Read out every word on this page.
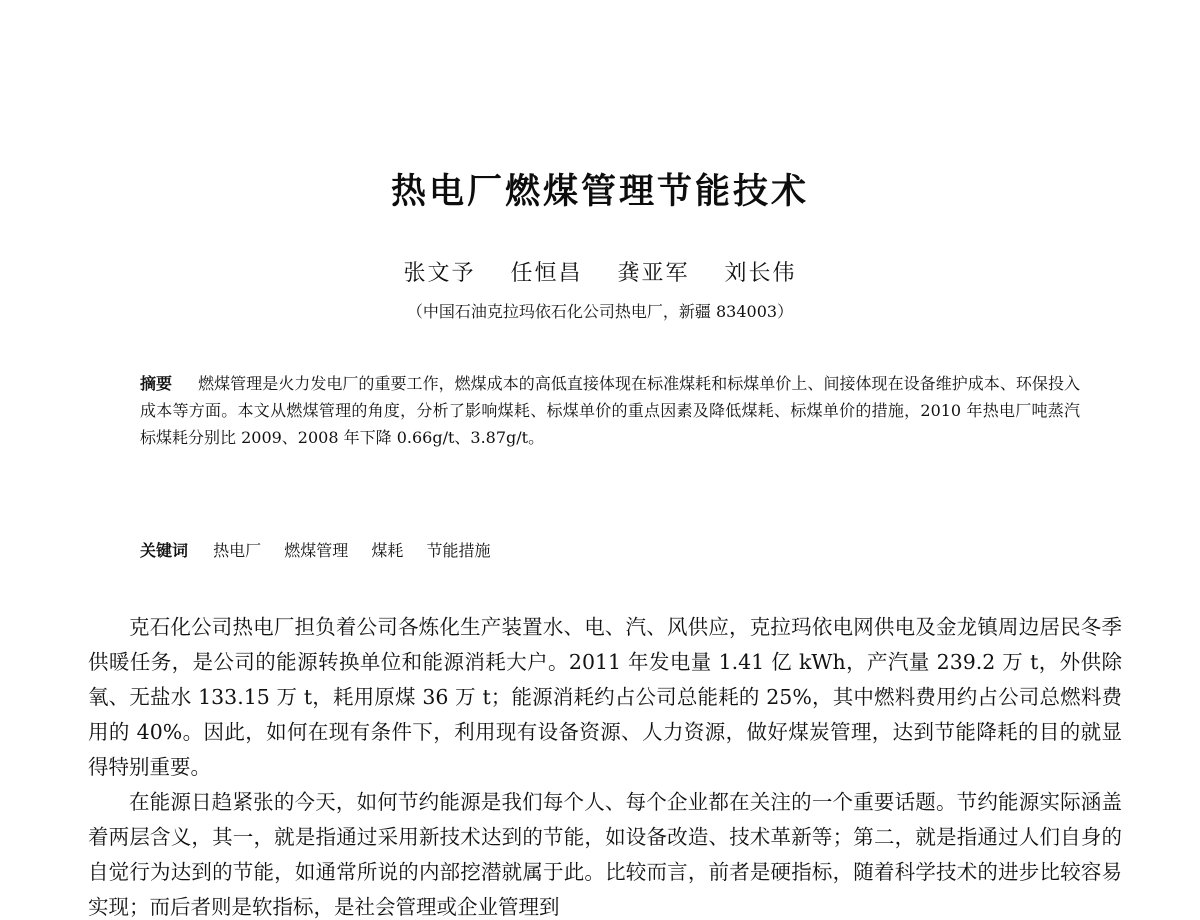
热电厂燃煤管理节能技术
张文予 任恒昌 龚亚军 刘长伟
（中国石油克拉玛依石化公司热电厂，新疆 834003）

摘要 燃煤管理是火力发电厂的重要工作，燃煤成本的高低直接体现在标准煤耗和标煤单价上、间接体现在设备维护成本、环保投入成本等方面。本文从燃煤管理的角度，分析了影响煤耗、标煤单价的重点因素及降低煤耗、标煤单价的措施，2010 年热电厂吨蒸汽标煤耗分别比 2009、2008 年下降 0.66g/t、3.87g/t。

关键词 热电厂 燃煤管理 煤耗 节能措施

克石化公司热电厂担负着公司各炼化生产装置水、电、汽、风供应，克拉玛依电网供电及金龙镇周边居民冬季供暖任务，是公司的能源转换单位和能源消耗大户。2011 年发电量 1.41 亿 kWh，产汽量 239.2 万 t，外供除氧、无盐水 133.15 万 t，耗用原煤 36 万 t；能源消耗约占公司总能耗的 25%，其中燃料费用约占公司总燃料费用的 40%。因此，如何在现有条件下，利用现有设备资源、人力资源，做好煤炭管理，达到节能降耗的目的就显得特别重要。

在能源日趋紧张的今天，如何节约能源是我们每个人、每个企业都在关注的一个重要话题。节约能源实际涵盖着两层含义，其一，就是指通过采用新技术达到的节能，如设备改造、技术革新等；第二，就是指通过人们自身的自觉行为达到的节能，如通常所说的内部挖潜就属于此。比较而言，前者是硬指标，随着科学技术的进步比较容易实现；而后者则是软指标，是社会管理或企业管理到
